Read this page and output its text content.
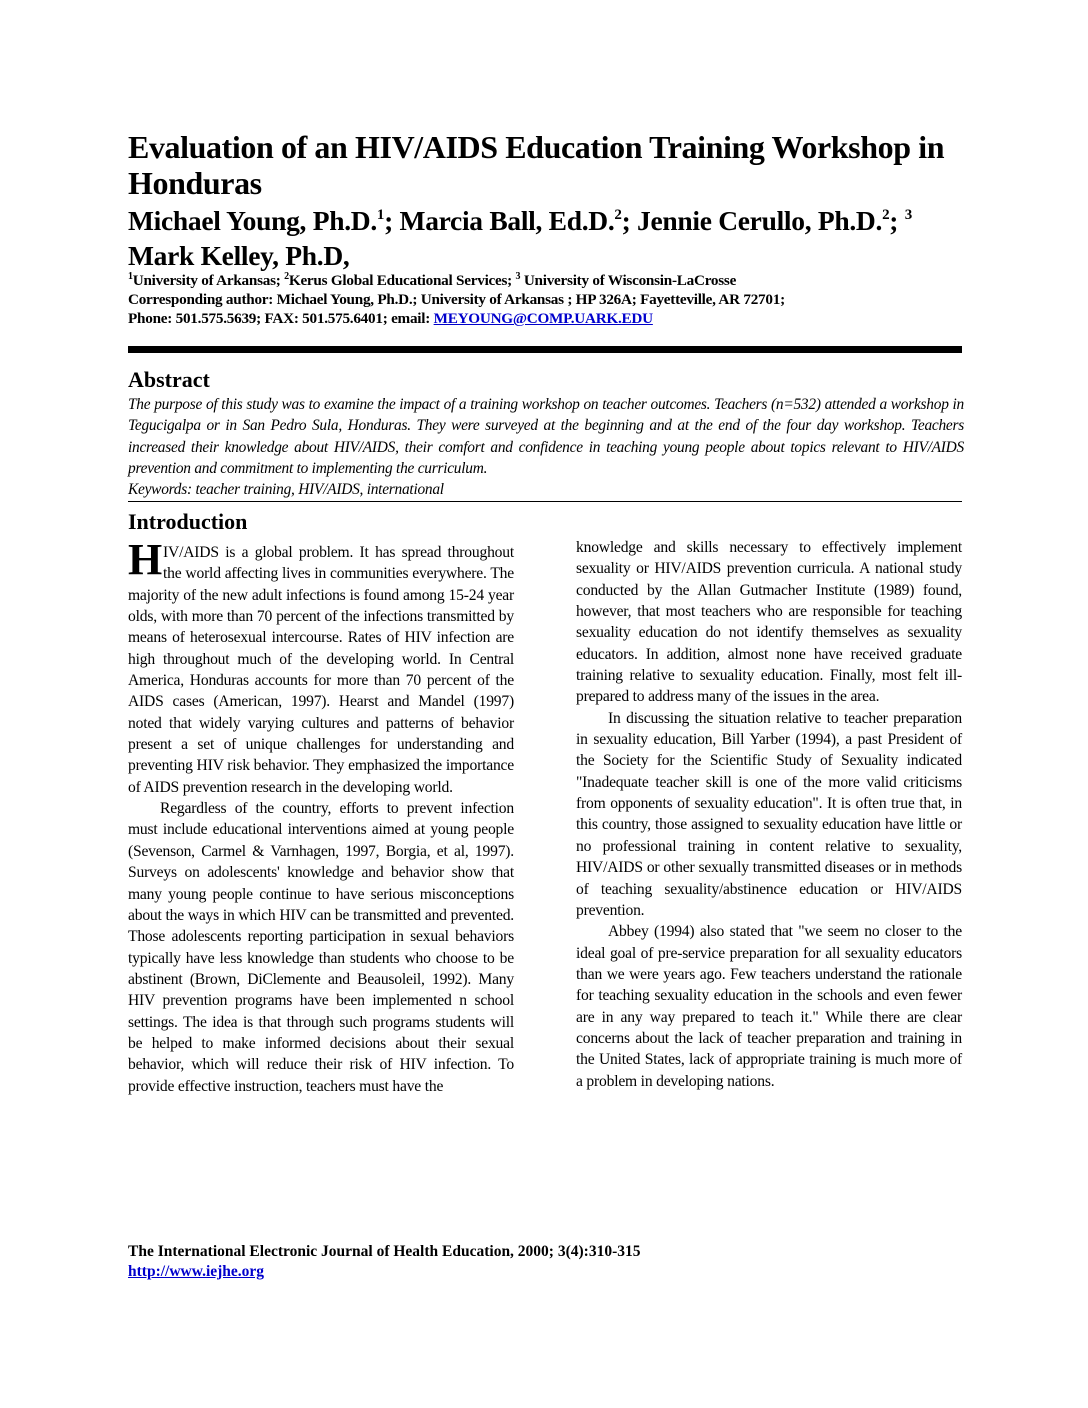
Evaluation of an HIV/AIDS Education Training Workshop in Honduras
Michael Young, Ph.D.$^1$; Marcia Ball, Ed.D.$^2$; Jennie Cerullo, Ph.D.$^2$; $^3$ Mark Kelley, Ph.D,
$^1$University of Arkansas; $^2$Kerus Global Educational Services; $^3$ University of Wisconsin-LaCrosse
Corresponding author: Michael Young, Ph.D.; University of Arkansas ; HP 326A; Fayetteville, AR 72701;
Phone: 501.575.5639; FAX: 501.575.6401; email: MEYOUNG@COMP.UARK.EDU
Abstract

The purpose of this study was to examine the impact of a training workshop on teacher outcomes. Teachers (n=532) attended a workshop in Tegucigalpa or in San Pedro Sula, Honduras. They were surveyed at the beginning and at the end of the four day workshop. Teachers increased their knowledge about HIV/AIDS, their comfort and confidence in teaching young people about topics relevant to HIV/AIDS prevention and commitment to implementing the curriculum.

Keywords: teacher training, HIV/AIDS, international

Introduction

HIV/AIDS is a global problem. It has spread throughout the world affecting lives in communities everywhere. The majority of the new adult infections is found among 15-24 year olds, with more than 70 percent of the infections transmitted by means of heterosexual intercourse. Rates of HIV infection are high throughout much of the developing world. In Central America, Honduras accounts for more than 70 percent of the AIDS cases (American, 1997). Hearst and Mandel (1997) noted that widely varying cultures and patterns of behavior present a set of unique challenges for understanding and preventing HIV risk behavior. They emphasized the importance of AIDS prevention research in the developing world.

Regardless of the country, efforts to prevent infection must include educational interventions aimed at young people (Sevenson, Carmel & Varnhagen, 1997, Borgia, et al, 1997). Surveys on adolescents' knowledge and behavior show that many young people continue to have serious misconceptions about the ways in which HIV can be transmitted and prevented. Those adolescents reporting participation in sexual behaviors typically have less knowledge than students who choose to be abstinent (Brown, DiClemente and Beausoleil, 1992). Many HIV prevention programs have been implemented n school settings. The idea is that through such programs students will be helped to make informed decisions about their sexual behavior, which will reduce their risk of HIV infection. To provide effective instruction, teachers must have the

knowledge and skills necessary to effectively implement sexuality or HIV/AIDS prevention curricula. A national study conducted by the Allan Gutmacher Institute (1989) found, however, that most teachers who are responsible for teaching sexuality education do not identify themselves as sexuality educators. In addition, almost none have received graduate training relative to sexuality education. Finally, most felt ill-prepared to address many of the issues in the area.

In discussing the situation relative to teacher preparation in sexuality education, Bill Yarber (1994), a past President of the Society for the Scientific Study of Sexuality indicated "Inadequate teacher skill is one of the more valid criticisms from opponents of sexuality education". It is often true that, in this country, those assigned to sexuality education have little or no professional training in content relative to sexuality, HIV/AIDS or other sexually transmitted diseases or in methods of teaching sexuality/abstinence education or HIV/AIDS prevention.

Abbey (1994) also stated that "we seem no closer to the ideal goal of pre-service preparation for all sexuality educators than we were years ago. Few teachers understand the rationale for teaching sexuality education in the schools and even fewer are in any way prepared to teach it." While there are clear concerns about the lack of teacher preparation and training in the United States, lack of appropriate training is much more of a problem in developing nations.

The International Electronic Journal of Health Education, 2000; 3(4):310-315
http://www.iejhe.org
